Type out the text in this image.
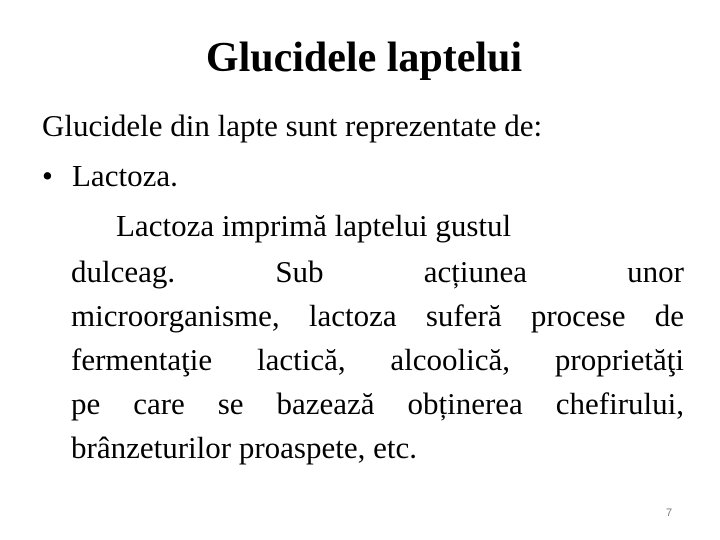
Glucidele laptelui
Glucidele din lapte sunt reprezentate de:
• Lactoza.
Lactoza imprimă laptelui gustul
dulceag. Sub acțiunea unor
microorganisme, lactoza suferă procese de
fermentaţie lactică, alcoolică, proprietăţi
pe care se bazează obținerea chefirului,
brânzeturilor proaspete, etc.
7
